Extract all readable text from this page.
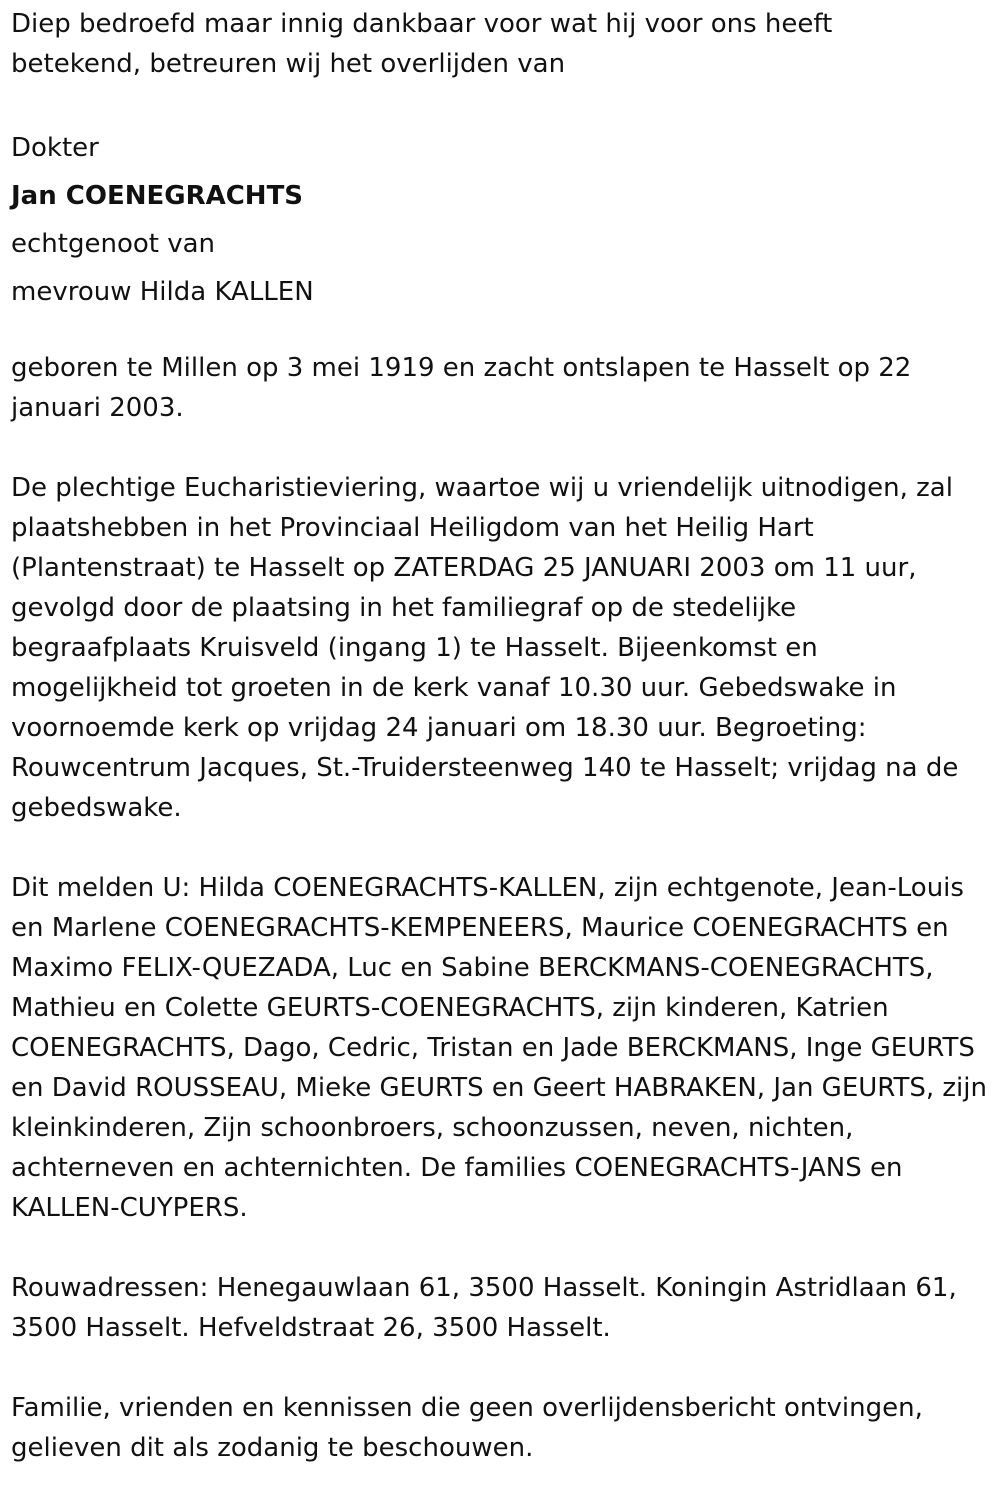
Diep bedroefd maar innig dankbaar voor wat hij voor ons heeft
betekend, betreuren wij het overlijden van

Dokter
Jan COENEGRACHTS
echtgenoot van
mevrouw Hilda KALLEN

geboren te Millen op 3 mei 1919 en zacht ontslapen te Hasselt op 22
januari 2003.

De plechtige Eucharistieviering, waartoe wij u vriendelijk uitnodigen, zal
plaatshebben in het Provinciaal Heiligdom van het Heilig Hart
(Plantenstraat) te Hasselt op ZATERDAG 25 JANUARI 2003 om 11 uur,
gevolgd door de plaatsing in het familiegraf op de stedelijke
begraafplaats Kruisveld (ingang 1) te Hasselt. Bijeenkomst en
mogelijkheid tot groeten in de kerk vanaf 10.30 uur. Gebedswake in
voornoemde kerk op vrijdag 24 januari om 18.30 uur. Begroeting:
Rouwcentrum Jacques, St.-Truidersteenweg 140 te Hasselt; vrijdag na de
gebedswake.

Dit melden U: Hilda COENEGRACHTS-KALLEN, zijn echtgenote, Jean-Louis
en Marlene COENEGRACHTS-KEMPENEERS, Maurice COENEGRACHTS en
Maximo FELIX-QUEZADA, Luc en Sabine BERCKMANS-COENEGRACHTS,
Mathieu en Colette GEURTS-COENEGRACHTS, zijn kinderen, Katrien
COENEGRACHTS, Dago, Cedric, Tristan en Jade BERCKMANS, Inge GEURTS
en David ROUSSEAU, Mieke GEURTS en Geert HABRAKEN, Jan GEURTS, zijn
kleinkinderen, Zijn schoonbroers, schoonzussen, neven, nichten,
achterneven en achternichten. De families COENEGRACHTS-JANS en
KALLEN-CUYPERS.

Rouwadressen: Henegauwlaan 61, 3500 Hasselt. Koningin Astridlaan 61,
3500 Hasselt. Hefveldstraat 26, 3500 Hasselt.

Familie, vrienden en kennissen die geen overlijdensbericht ontvingen,
gelieven dit als zodanig te beschouwen.
